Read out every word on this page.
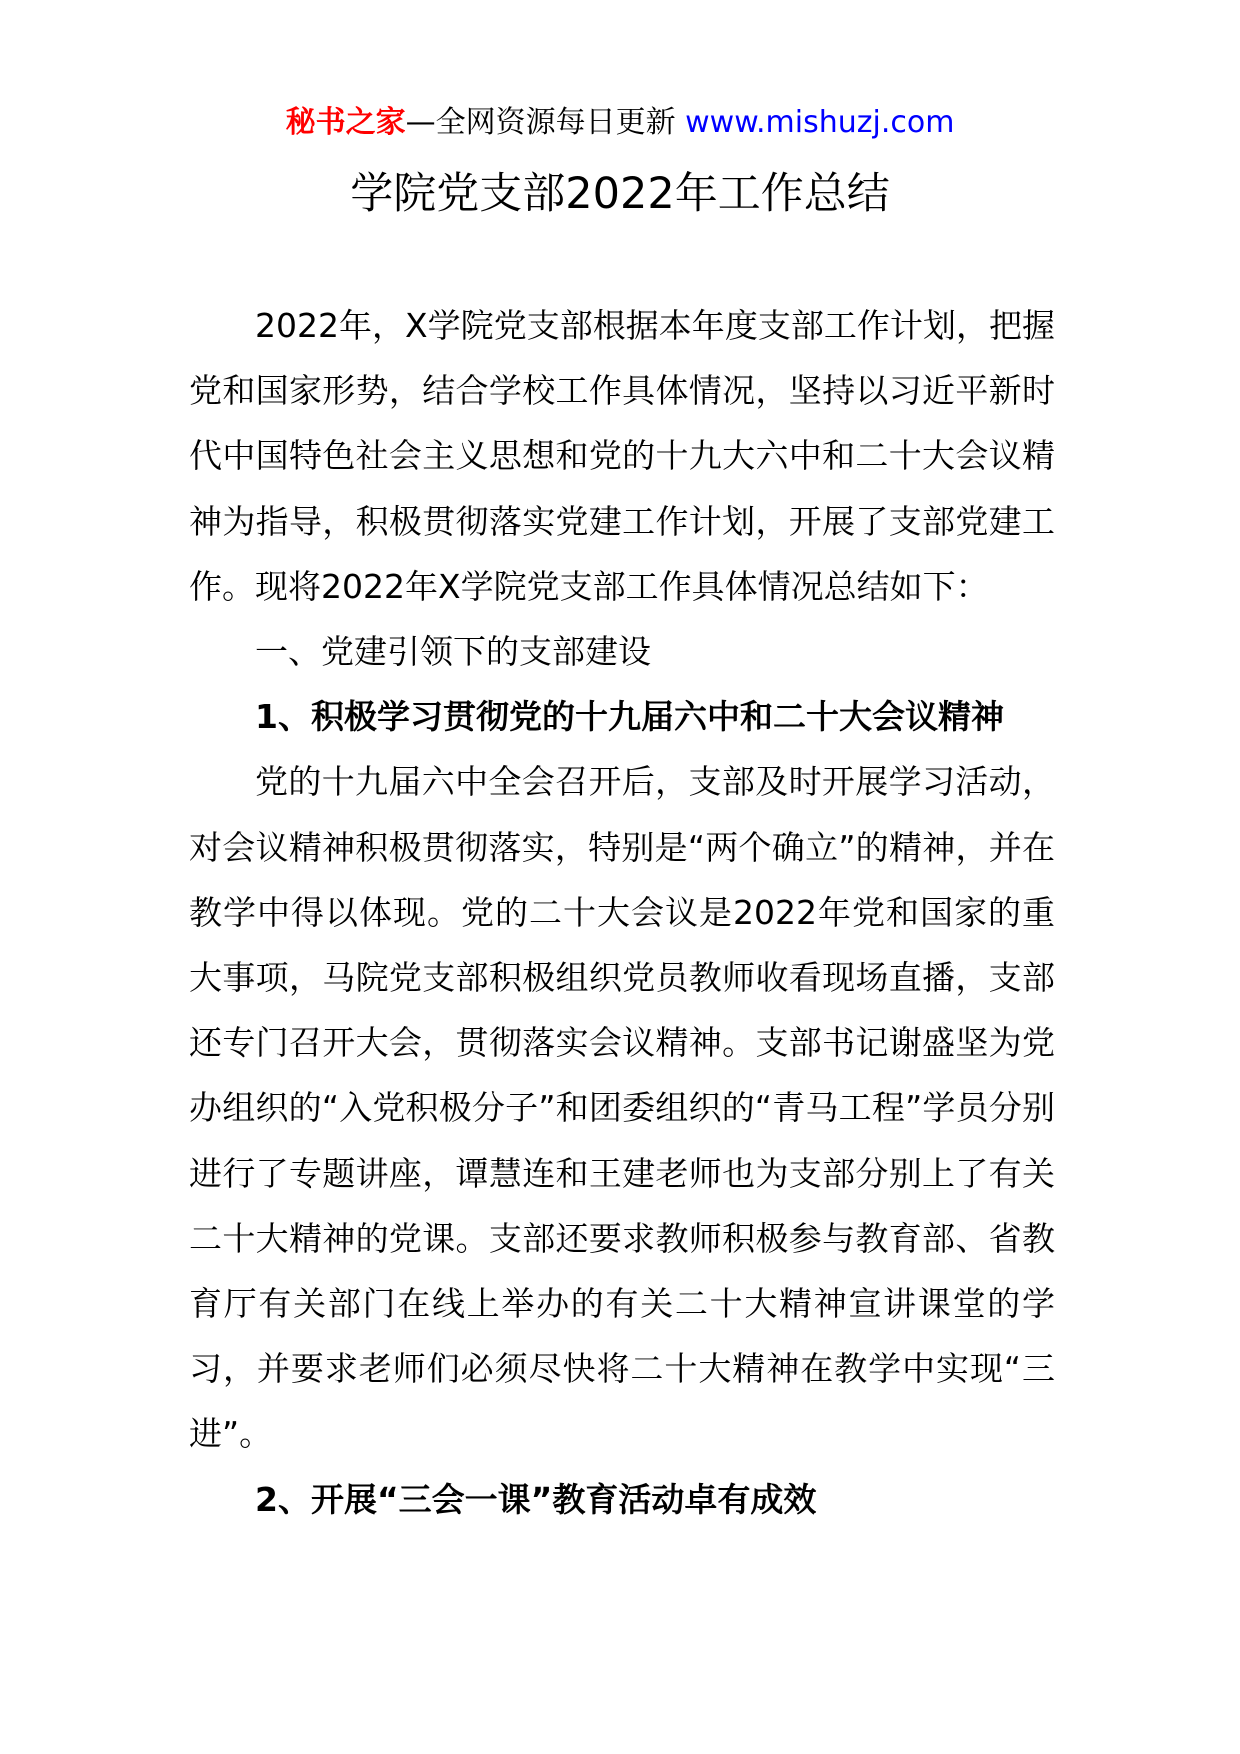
秘书之家—全网资源每日更新 www.mishuzj.com
学院党支部2022年工作总结

2022年，X学院党支部根据本年度支部工作计划，把握党和国家形势，结合学校工作具体情况，坚持以习近平新时代中国特色社会主义思想和党的十九大六中和二十大会议精神为指导，积极贯彻落实党建工作计划，开展了支部党建工作。现将2022年X学院党支部工作具体情况总结如下：

一、党建引领下的支部建设

1、积极学习贯彻党的十九届六中和二十大会议精神

党的十九届六中全会召开后，支部及时开展学习活动，对会议精神积极贯彻落实，特别是“两个确立”的精神，并在教学中得以体现。党的二十大会议是2022年党和国家的重大事项，马院党支部积极组织党员教师收看现场直播，支部还专门召开大会，贯彻落实会议精神。支部书记谢盛坚为党办组织的“入党积极分子”和团委组织的“青马工程”学员分别进行了专题讲座，谭慧连和王建老师也为支部分别上了有关二十大精神的党课。支部还要求教师积极参与教育部、省教育厅有关部门在线上举办的有关二十大精神宣讲课堂的学习，并要求老师们必须尽快将二十大精神在教学中实现“三进”。

2、开展“三会一课”教育活动卓有成效
